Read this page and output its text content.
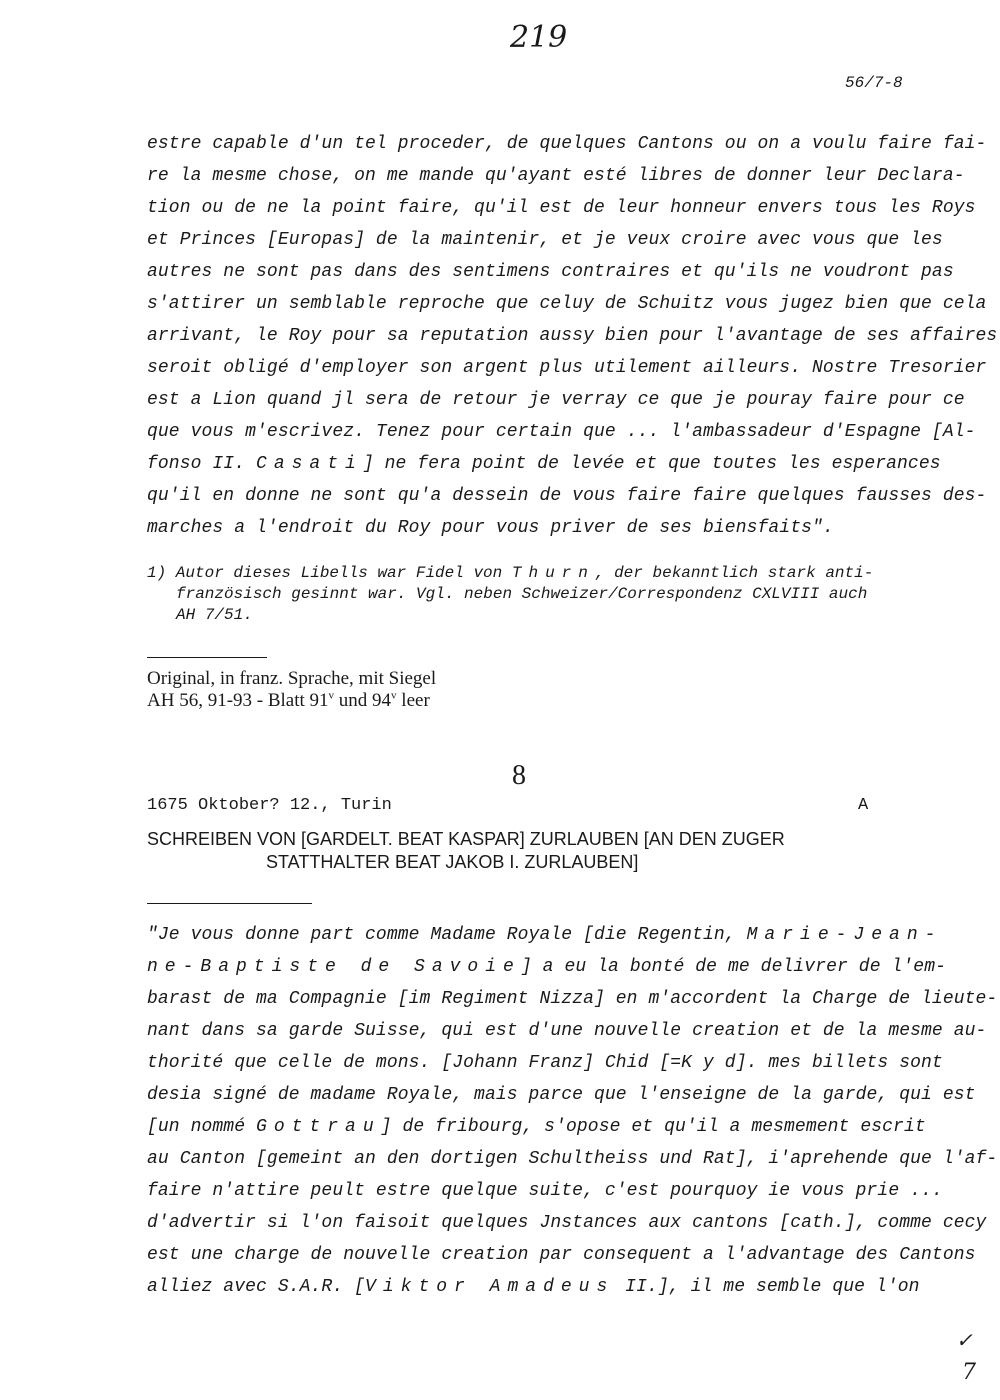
219
56/7-8
estre capable d'un tel proceder, de quelques Cantons ou on a voulu faire fai-
re la mesme chose, on me mande qu'ayant esté libres de donner leur Declara-
tion ou de ne la point faire, qu'il est de leur honneur envers tous les Roys
et Princes [Europas] de la maintenir, et je veux croire avec vous que les
autres ne sont pas dans des sentimens contraires et qu'ils ne voudront pas
s'attirer un semblable reproche que celuy de Schuitz vous jugez bien que cela
arrivant, le Roy pour sa reputation aussy bien pour l'avantage de ses affaires
seroit obligé d'employer son argent plus utilement ailleurs. Nostre Tresorier
est a Lion quand jl sera de retour je verray ce que je pouray faire pour ce
que vous m'escrivez. Tenez pour certain que ... l'ambassadeur d'Espagne [Al-
fonso II. Casati] ne fera point de levée et que toutes les esperances
qu'il en donne ne sont qu'a dessein de vous faire faire quelques fausses des-
marches a l'endroit du Roy pour vous priver de ses biensfaits".
1) Autor dieses Libells war Fidel von Thurn, der bekanntlich stark anti-
französisch gesinnt war. Vgl. neben Schweizer/Correspondenz CXLVIII auch
AH 7/51.
Original, in franz. Sprache, mit Siegel
AH 56, 91-93 - Blatt 91$^v$ und 94$^v$ leer
8
1675 Oktober? 12., Turin	A
SCHREIBEN VON [GARDELT. BEAT KASPAR] ZURLAUBEN [AN DEN ZUGER
STATTHALTER BEAT JAKOB I. ZURLAUBEN]
"Je vous donne part comme Madame Royale [die Regentin, Marie-Jean-
ne-Baptiste de Savoie] a eu la bonté de me delivrer de l'em-
barast de ma Compagnie [im Regiment Nizza] en m'accordent la Charge de lieute-
nant dans sa garde Suisse, qui est d'une nouvelle creation et de la mesme au-
thorité que celle de mons. [Johann Franz] Chid [=K y d]. mes billets sont
desia signé de madame Royale, mais parce que l'enseigne de la garde, qui est
[un nommé Gottrau] de fribourg, s'opose et qu'il a mesmement escrit
au Canton [gemeint an den dortigen Schultheiss und Rat], i'aprehende que l'af-
faire n'attire peult estre quelque suite, c'est pourquoy ie vous prie ...
d'advertir si l'on faisoit quelques Jnstances aux cantons [cath.], comme cecy
est une charge de nouvelle creation par consequent a l'advantage des Cantons
alliez avec S.A.R. [Viktor Amadeus II.], il me semble que l'on
✓
7
